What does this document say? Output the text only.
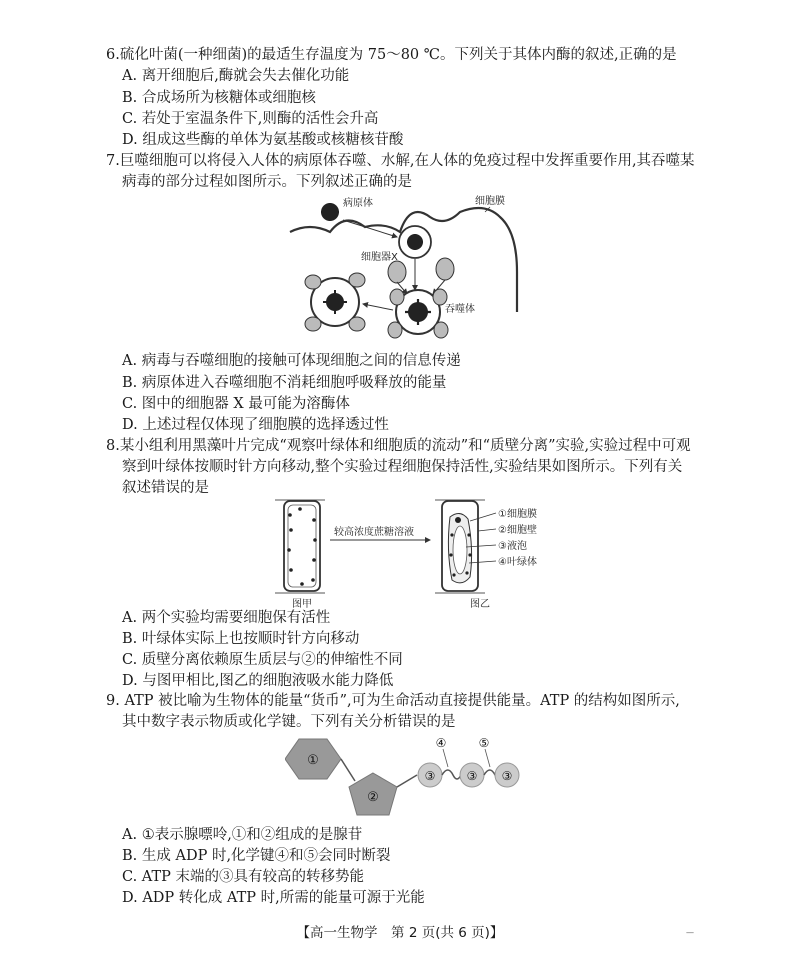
6.硫化叶菌(一种细菌)的最适生存温度为 75～80 ℃。下列关于其体内酶的叙述,正确的是
A. 离开细胞后,酶就会失去催化功能
B. 合成场所为核糖体或细胞核
C. 若处于室温条件下,则酶的活性会升高
D. 组成这些酶的单体为氨基酸或核糖核苷酸
7.巨噬细胞可以将侵入人体的病原体吞噬、水解,在人体的免疫过程中发挥重要作用,其吞噬某
病毒的部分过程如图所示。下列叙述正确的是
病原体	细胞膜
细胞器X
吞噬体
A. 病毒与吞噬细胞的接触可体现细胞之间的信息传递
B. 病原体进入吞噬细胞不消耗细胞呼吸释放的能量
C. 图中的细胞器 X 最可能为溶酶体
D. 上述过程仅体现了细胞膜的选择透过性
8.某小组利用黑藻叶片完成“观察叶绿体和细胞质的流动”和“质壁分离”实验,实验过程中可观
察到叶绿体按顺时针方向移动,整个实验过程细胞保持活性,实验结果如图所示。下列有关
叙述错误的是
图甲
较高浓度蔗糖溶液
图乙
①细胞膜
②细胞壁
③液泡
④叶绿体
A. 两个实验均需要细胞保有活性
B. 叶绿体实际上也按顺时针方向移动
C. 质壁分离依赖原生质层与②的伸缩性不同
D. 与图甲相比,图乙的细胞液吸水能力降低
9. ATP 被比喻为生物体的能量“货币”,可为生命活动直接提供能量。ATP 的结构如图所示,
其中数字表示物质或化学键。下列有关分析错误的是
①
②
③
④
③
⑤
③
A. ①表示腺嘌呤,①和②组成的是腺苷
B. 生成 ADP 时,化学键④和⑤会同时断裂
C. ATP 末端的③具有较高的转移势能
D. ADP 转化成 ATP 时,所需的能量可源于光能
【高一生物学　第 2 页(共 6 页)】	—
